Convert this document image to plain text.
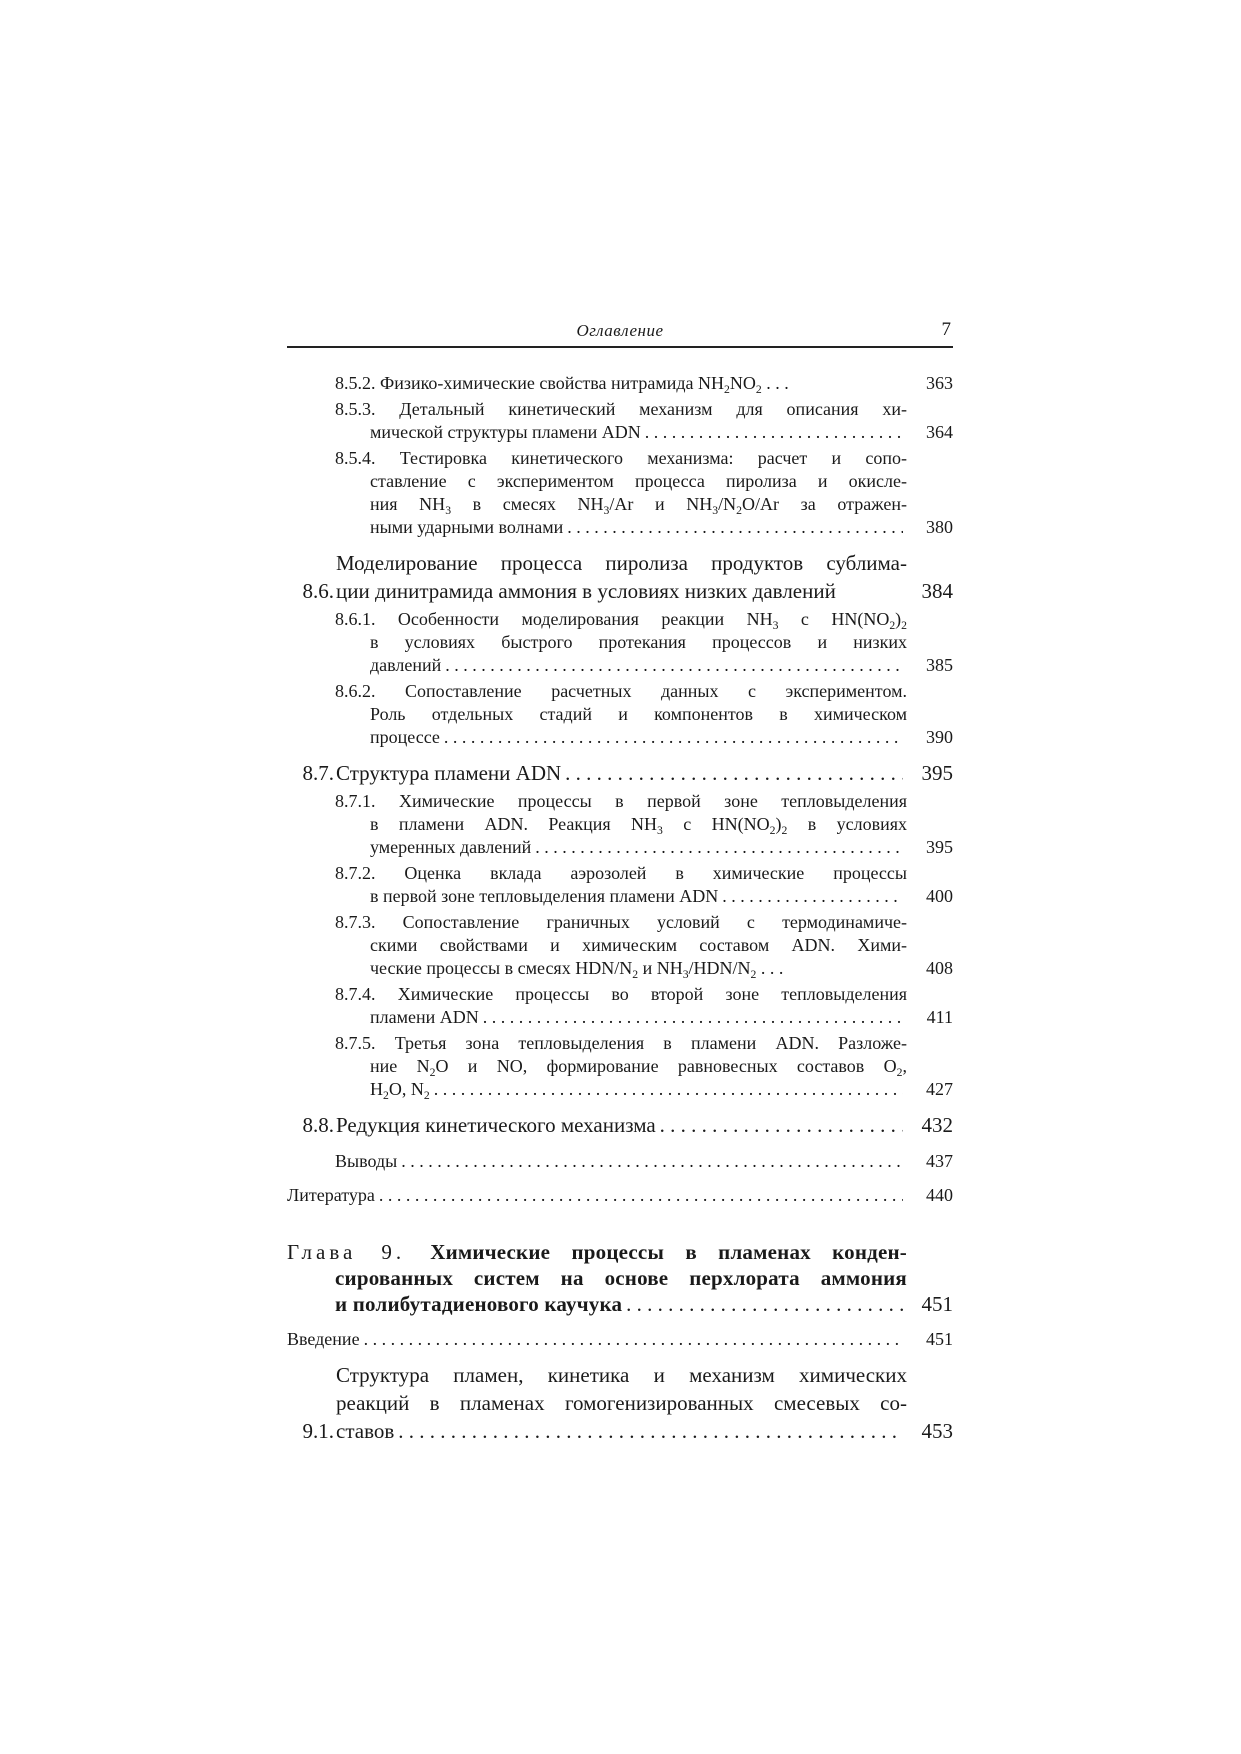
Оглавление	7
8.5.2. Физико-химические свойства нитрамида $NH_2NO_2$ . . .	363
8.5.3. Детальный кинетический механизм для описания хи-
мической структуры пламени ADN . . .	364
8.5.4. Тестировка кинетического механизма: расчет и сопо-
ставление с экспериментом процесса пиролиза и окисле-
ния $NH_3$ в смесях $NH_3/Ar$ и $NH_3/N_2O/Ar$ за отражен-
ными ударными волнами . . .	380
8.6.
Моделирование процесса пиролиза продуктов сублима-
ции динитрамида аммония в условиях низких давлений	384
8.6.1. Особенности моделирования реакции $NH_3$ с $HN(NO_2)_2$
в условиях быстрого протекания процессов и низких
давлений . . .	385
8.6.2. Сопоставление расчетных данных с экспериментом.
Роль отдельных стадий и компонентов в химическом
процессе . . .	390
8.7. Структура пламени ADN . . .	395
8.7.1. Химические процессы в первой зоне тепловыделения
в пламени ADN. Реакция $NH_3$ с $HN(NO_2)_2$ в условиях
умеренных давлений . . .	395
8.7.2. Оценка вклада аэрозолей в химические процессы
в первой зоне тепловыделения пламени ADN . . .	400
8.7.3. Сопоставление граничных условий с термодинамиче-
скими свойствами и химическим составом ADN. Хими-
ческие процессы в смесях HDN/$N_2$ и $NH_3/HDN/N_2$ . . .	408
8.7.4. Химические процессы во второй зоне тепловыделения
пламени ADN . . .	411
8.7.5. Третья зона тепловыделения в пламени ADN. Разложе-
ние $N_2O$ и NO, формирование равновесных составов $O_2$,
$H_2O$, $N_2$ . . .	427
8.8. Редукция кинетического механизма . . .	432
Выводы . . .	437
Литература . . .	440
Глава 9. Химические процессы в пламенах конден-
сированных систем на основе перхлората аммония
и полибутадиенового каучука . . .	451
Введение . . .	451
9.1.
Структура пламен, кинетика и механизм химических
реакций в пламенах гомогенизированных смесевых со-
ставов . . .	453
